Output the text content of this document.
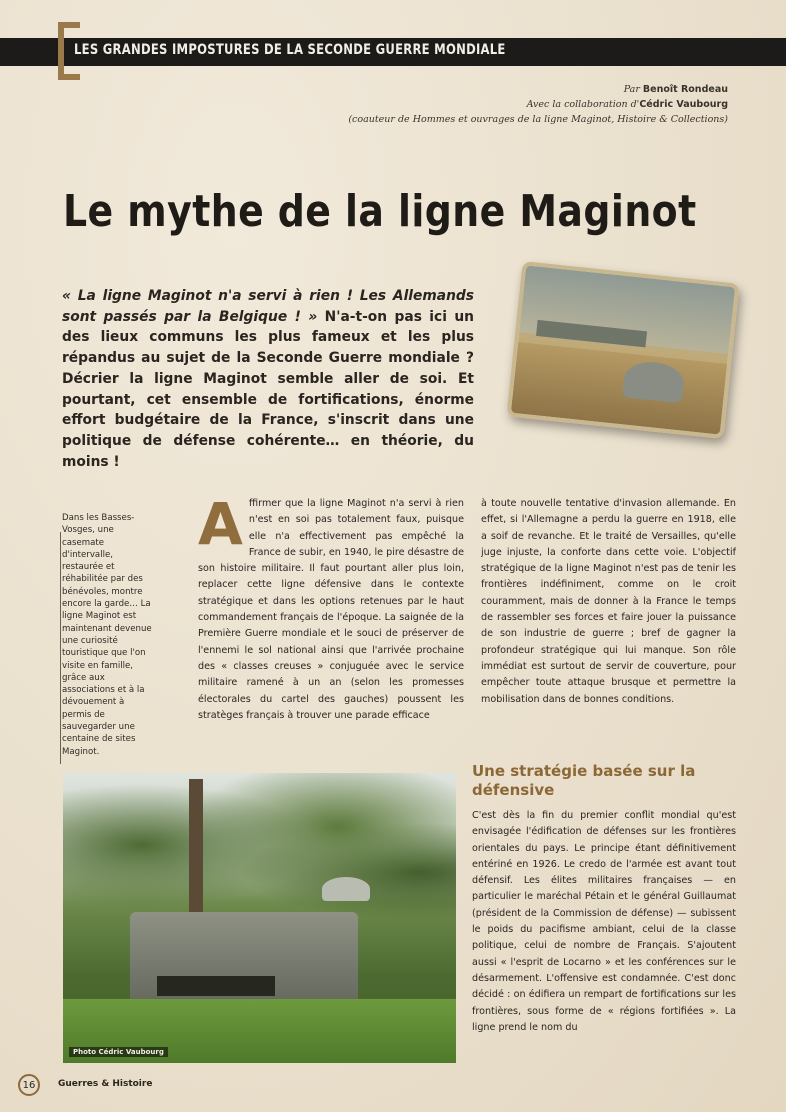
LES GRANDES IMPOSTURES DE LA SECONDE GUERRE MONDIALE
Par Benoît Rondeau
Avec la collaboration d'Cédric Vaubourg
(coauteur de Hommes et ouvrages de la ligne Maginot, Histoire & Collections)
Le mythe de la ligne Maginot

« La ligne Maginot n'a servi à rien ! Les Allemands sont passés par la Belgique ! » N'a-t-on pas ici un des lieux communs les plus fameux et les plus répandus au sujet de la Seconde Guerre mondiale ? Décrier la ligne Maginot semble aller de soi. Et pourtant, cet ensemble de fortifications, énorme effort budgétaire de la France, s'inscrit dans une politique de défense cohérente… en théorie, du moins !

Dans les Basses-Vosges, une casemate d'intervalle, restaurée et réhabilitée par des bénévoles, montre encore la garde… La ligne Maginot est maintenant devenue une curiosité touristique que l'on visite en famille, grâce aux associations et à la dévouement à permis de sauvegarder une centaine de sites Maginot.

Affirmer que la ligne Maginot n'a servi à rien n'est en soi pas totalement faux, puisque elle n'a effectivement pas empêché la France de subir, en 1940, le pire désastre de son histoire militaire. Il faut pourtant aller plus loin, replacer cette ligne défensive dans le contexte stratégique et dans les options retenues par le haut commandement français de l'époque. La saignée de la Première Guerre mondiale et le souci de préserver de l'ennemi le sol national ainsi que l'arrivée prochaine des « classes creuses » conjuguée avec le service militaire ramené à un an (selon les promesses électorales du cartel des gauches) poussent les stratèges français à trouver une parade efficace
à toute nouvelle tentative d'invasion allemande. En effet, si l'Allemagne a perdu la guerre en 1918, elle a soif de revanche. Et le traité de Versailles, qu'elle juge injuste, la conforte dans cette voie. L'objectif stratégique de la ligne Maginot n'est pas de tenir les frontières indéfiniment, comme on le croit couramment, mais de donner à la France le temps de rassembler ses forces et faire jouer la puissance de son industrie de guerre ; bref de gagner la profondeur stratégique qui lui manque. Son rôle immédiat est surtout de servir de couverture, pour empêcher toute attaque brusque et permettre la mobilisation dans de bonnes conditions.
Une stratégie basée sur la défensive
C'est dès la fin du premier conflit mondial qu'est envisagée l'édification de défenses sur les frontières orientales du pays. Le principe étant définitivement entériné en 1926. Le credo de l'armée est avant tout défensif. Les élites militaires françaises — en particulier le maréchal Pétain et le général Guillaumat (président de la Commission de défense) — subissent le poids du pacifisme ambiant, celui de la classe politique, celui de nombre de Français. S'ajoutent aussi « l'esprit de Locarno » et les conférences sur le désarmement. L'offensive est condamnée. C'est donc décidé : on édifiera un rempart de fortifications sur les frontières, sous forme de « régions fortifiées ». La ligne prend le nom du
Photo Cédric Vaubourg
16	Guerres & Histoire
